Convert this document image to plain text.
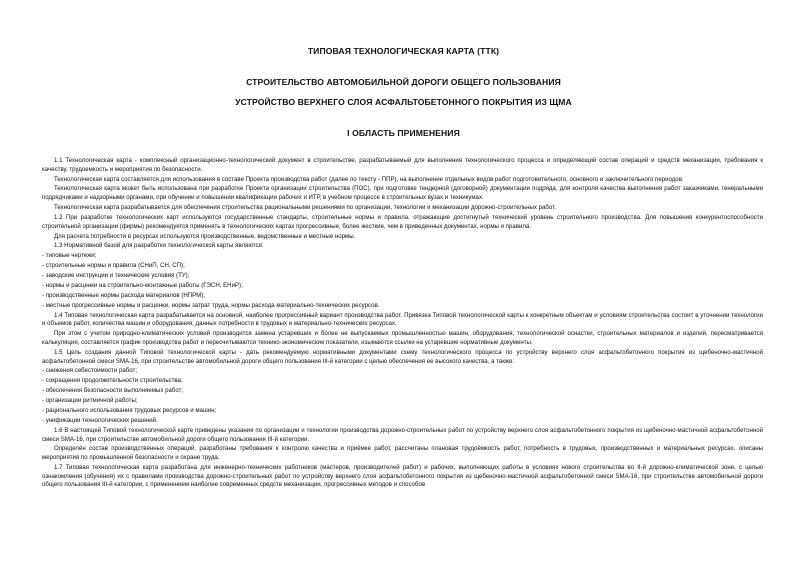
ТИПОВАЯ ТЕХНОЛОГИЧЕСКАЯ КАРТА (ТТК)

СТРОИТЕЛЬСТВО АВТОМОБИЛЬНОЙ ДОРОГИ ОБЩЕГО ПОЛЬЗОВАНИЯ

УСТРОЙСТВО ВЕРХНЕГО СЛОЯ АСФАЛЬТОБЕТОННОГО ПОКРЫТИЯ ИЗ ЩМА

I ОБЛАСТЬ ПРИМЕНЕНИЯ

1.1 Технологическая карта - комплексный организационно-технологический документ в строительстве, разрабатываемый для выполнения технологического процесса и определяющий состав операций и средств механизации, требования к качеству, трудоемкость и мероприятия по безопасности.

Технологическая карта составляется для использования в составе Проекта производства работ (далее по тексту - ППР), на выполнение отдельных видов работ подготовительного, основного и заключительного периодов.

Технологическая карта может быть использована при разработке Проекта организации строительства (ПОС), при подготовке тендерной (договорной) документации подряда, для контроля качества выполнения работ заказчиками, генеральными подрядчиками и надзорными органами, при обучении и повышении квалификации рабочих и ИТР, в учебном процессе в строительных вузах и техникумах.

Технологическая карта разрабатывается для обеспечения строительства рациональными решениями по организации, технологии и механизации дорожно-строительных работ.

1.2 При разработке технологических карт используются государственные стандарты, строительные нормы и правила, отражающие достигнутый технический уровень строительного производства. Для повышения конкурентоспособности строительной организации (фирмы) рекомендуется применять в технологических картах прогрессивные, более жесткие, чем в приведенных документах, нормы и правила.

Для расчета потребности в ресурсах используются производственные, ведомственные и местные нормы.

1.3 Нормативной базой для разработки технологической карты являются:

- типовые чертежи;

- строительные нормы и правила (СНиП, СН, СП);

- заводские инструкции и технические условия (ТУ);

- нормы и расценки на строительно-монтажные работы (ГЭСН, ЕНиР);

- производственные нормы расхода материалов (НПРМ);

- местные прогрессивные нормы и расценки, нормы затрат труда, нормы расхода материально-технических ресурсов.

1.4 Типовая технологическая карта разрабатывается на основной, наиболее прогрессивный вариант производства работ. Привязка Типовой технологической карты к конкретным объектам и условиям строительства состоит в уточнении технологии и объемов работ, количества машин и оборудования, данных потребности в трудовых и материально-технических ресурсах.

При этом с учетом природно-климатических условий производится замена устаревших и более не выпускаемых промышленностью машин, оборудования, технологической оснастки, строительных материалов и изделий, пересматривается калькуляция, составляется график производства работ и пересчитываются технико-экономические показатели, изымаются ссылки на устаревшие нормативные документы.

1.5 Цель создания данной Типовой технологической карты - дать рекомендуемую нормативными документами схему технологического процесса по устройству верхнего слоя асфальтобетонного покрытия из щебеночно-мастичной асфальтобетонной смеси SMA-16, при строительстве автомобильной дороги общего пользования III-й категории с целью обеспечения ее высокого качества, а также:

- снижения себестоимости работ;

- сокращения продолжительности строительства;

- обеспечения безопасности выполняемых работ;

- организации ритмичной работы;

- рационального использования трудовых ресурсов и машин;

- унификации технологических решений.

1.6 В настоящей Типовой технологической карте приведены указания по организации и технологии производства дорожно-строительных работ по устройству верхнего слоя асфальтобетонного покрытия из щебеночно-мастичной асфальтобетонной смеси SMA-16, при строительстве автомобильной дороги общего пользования III-й категории.

Определён состав производственных операций, разработаны требования к контролю качества и приёмке работ, рассчитаны плановая трудоёмкость работ, потребность в трудовых, производственных и материальных ресурсах, описаны мероприятия по промышленной безопасности и охране труда.

1.7 Типовая технологическая карта разработана для инженерно-технических работников (мастеров, производителей работ) и рабочих, выполняющих работы в условиях нового строительства во II-й дорожно-климатической зоне, с целью ознакомления (обучения) их с правилами производства дорожно-строительных работ по устройству верхнего слоя асфальтобетонного покрытия из щебеночно-мастичной асфальтобетонной смеси SMA-16, при строительстве автомобильной дороги общего пользования III-й категории, с применением наиболее современных средств механизации, прогрессивных методов и способов
